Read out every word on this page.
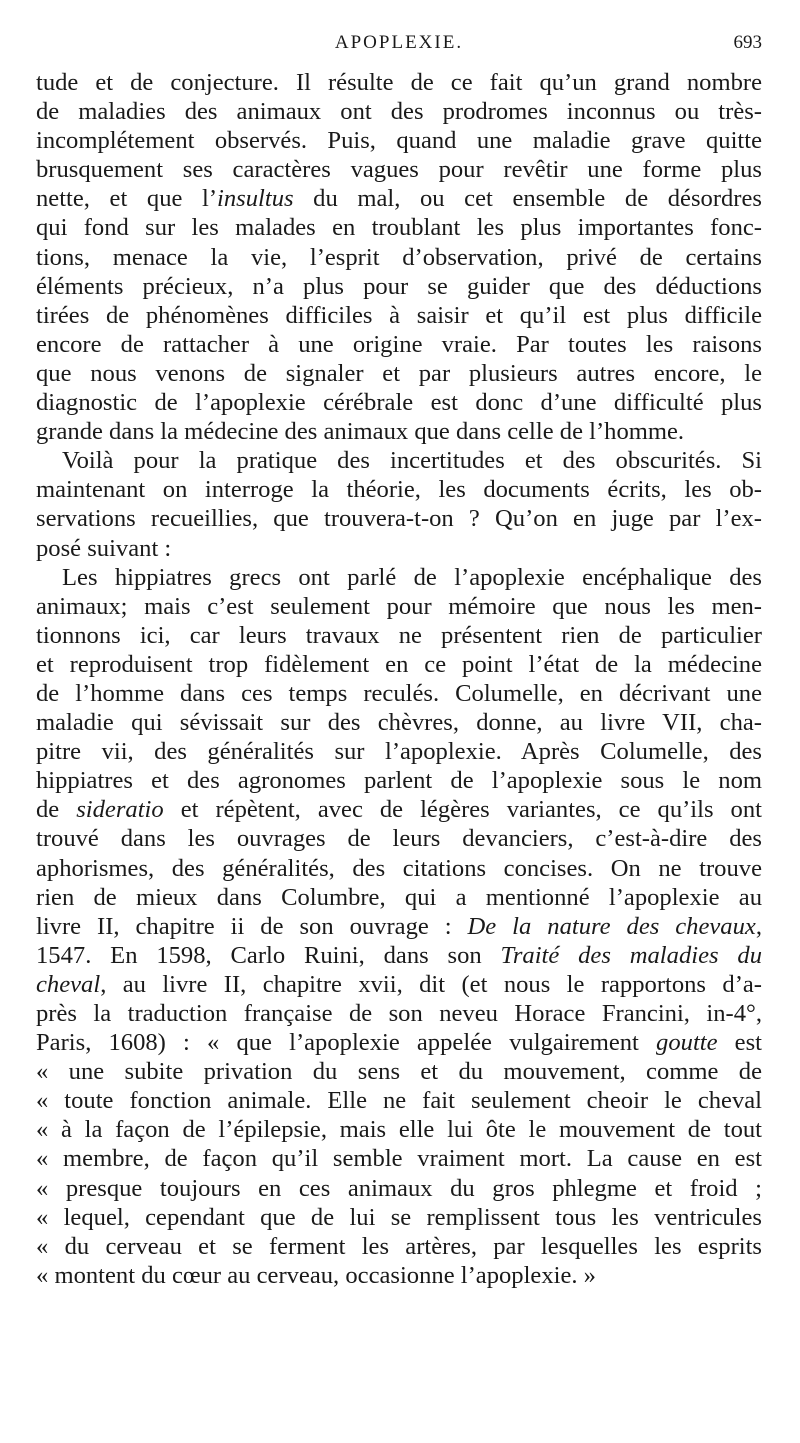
APOPLEXIE.	693
tude et de conjecture. Il résulte de ce fait qu’un grand nombre
de maladies des animaux ont des prodromes inconnus ou très-
incomplétement observés. Puis, quand une maladie grave quitte
brusquement ses caractères vagues pour revêtir une forme plus
nette, et que l’insultus du mal, ou cet ensemble de désordres
qui fond sur les malades en troublant les plus importantes fonc-
tions, menace la vie, l’esprit d’observation, privé de certains
éléments précieux, n’a plus pour se guider que des déductions
tirées de phénomènes difficiles à saisir et qu’il est plus difficile
encore de rattacher à une origine vraie. Par toutes les raisons
que nous venons de signaler et par plusieurs autres encore, le
diagnostic de l’apoplexie cérébrale est donc d’une difficulté plus
grande dans la médecine des animaux que dans celle de l’homme.
Voilà pour la pratique des incertitudes et des obscurités. Si
maintenant on interroge la théorie, les documents écrits, les ob-
servations recueillies, que trouvera-t-on ? Qu’on en juge par l’ex-
posé suivant :
Les hippiatres grecs ont parlé de l’apoplexie encéphalique des
animaux; mais c’est seulement pour mémoire que nous les men-
tionnons ici, car leurs travaux ne présentent rien de particulier
et reproduisent trop fidèlement en ce point l’état de la médecine
de l’homme dans ces temps reculés. Columelle, en décrivant une
maladie qui sévissait sur des chèvres, donne, au livre VII, cha-
pitre vii, des généralités sur l’apoplexie. Après Columelle, des
hippiatres et des agronomes parlent de l’apoplexie sous le nom
de sideratio et répètent, avec de légères variantes, ce qu’ils ont
trouvé dans les ouvrages de leurs devanciers, c’est-à-dire des
aphorismes, des généralités, des citations concises. On ne trouve
rien de mieux dans Columbre, qui a mentionné l’apoplexie au
livre II, chapitre ii de son ouvrage : De la nature des chevaux,
1547. En 1598, Carlo Ruini, dans son Traité des maladies du
cheval, au livre II, chapitre xvii, dit (et nous le rapportons d’a-
près la traduction française de son neveu Horace Francini, in-4°,
Paris, 1608) : « que l’apoplexie appelée vulgairement goutte est
« une subite privation du sens et du mouvement, comme de
« toute fonction animale. Elle ne fait seulement cheoir le cheval
« à la façon de l’épilepsie, mais elle lui ôte le mouvement de tout
« membre, de façon qu’il semble vraiment mort. La cause en est
« presque toujours en ces animaux du gros phlegme et froid ;
« lequel, cependant que de lui se remplissent tous les ventricules
« du cerveau et se ferment les artères, par lesquelles les esprits
« montent du cœur au cerveau, occasionne l’apoplexie. »
